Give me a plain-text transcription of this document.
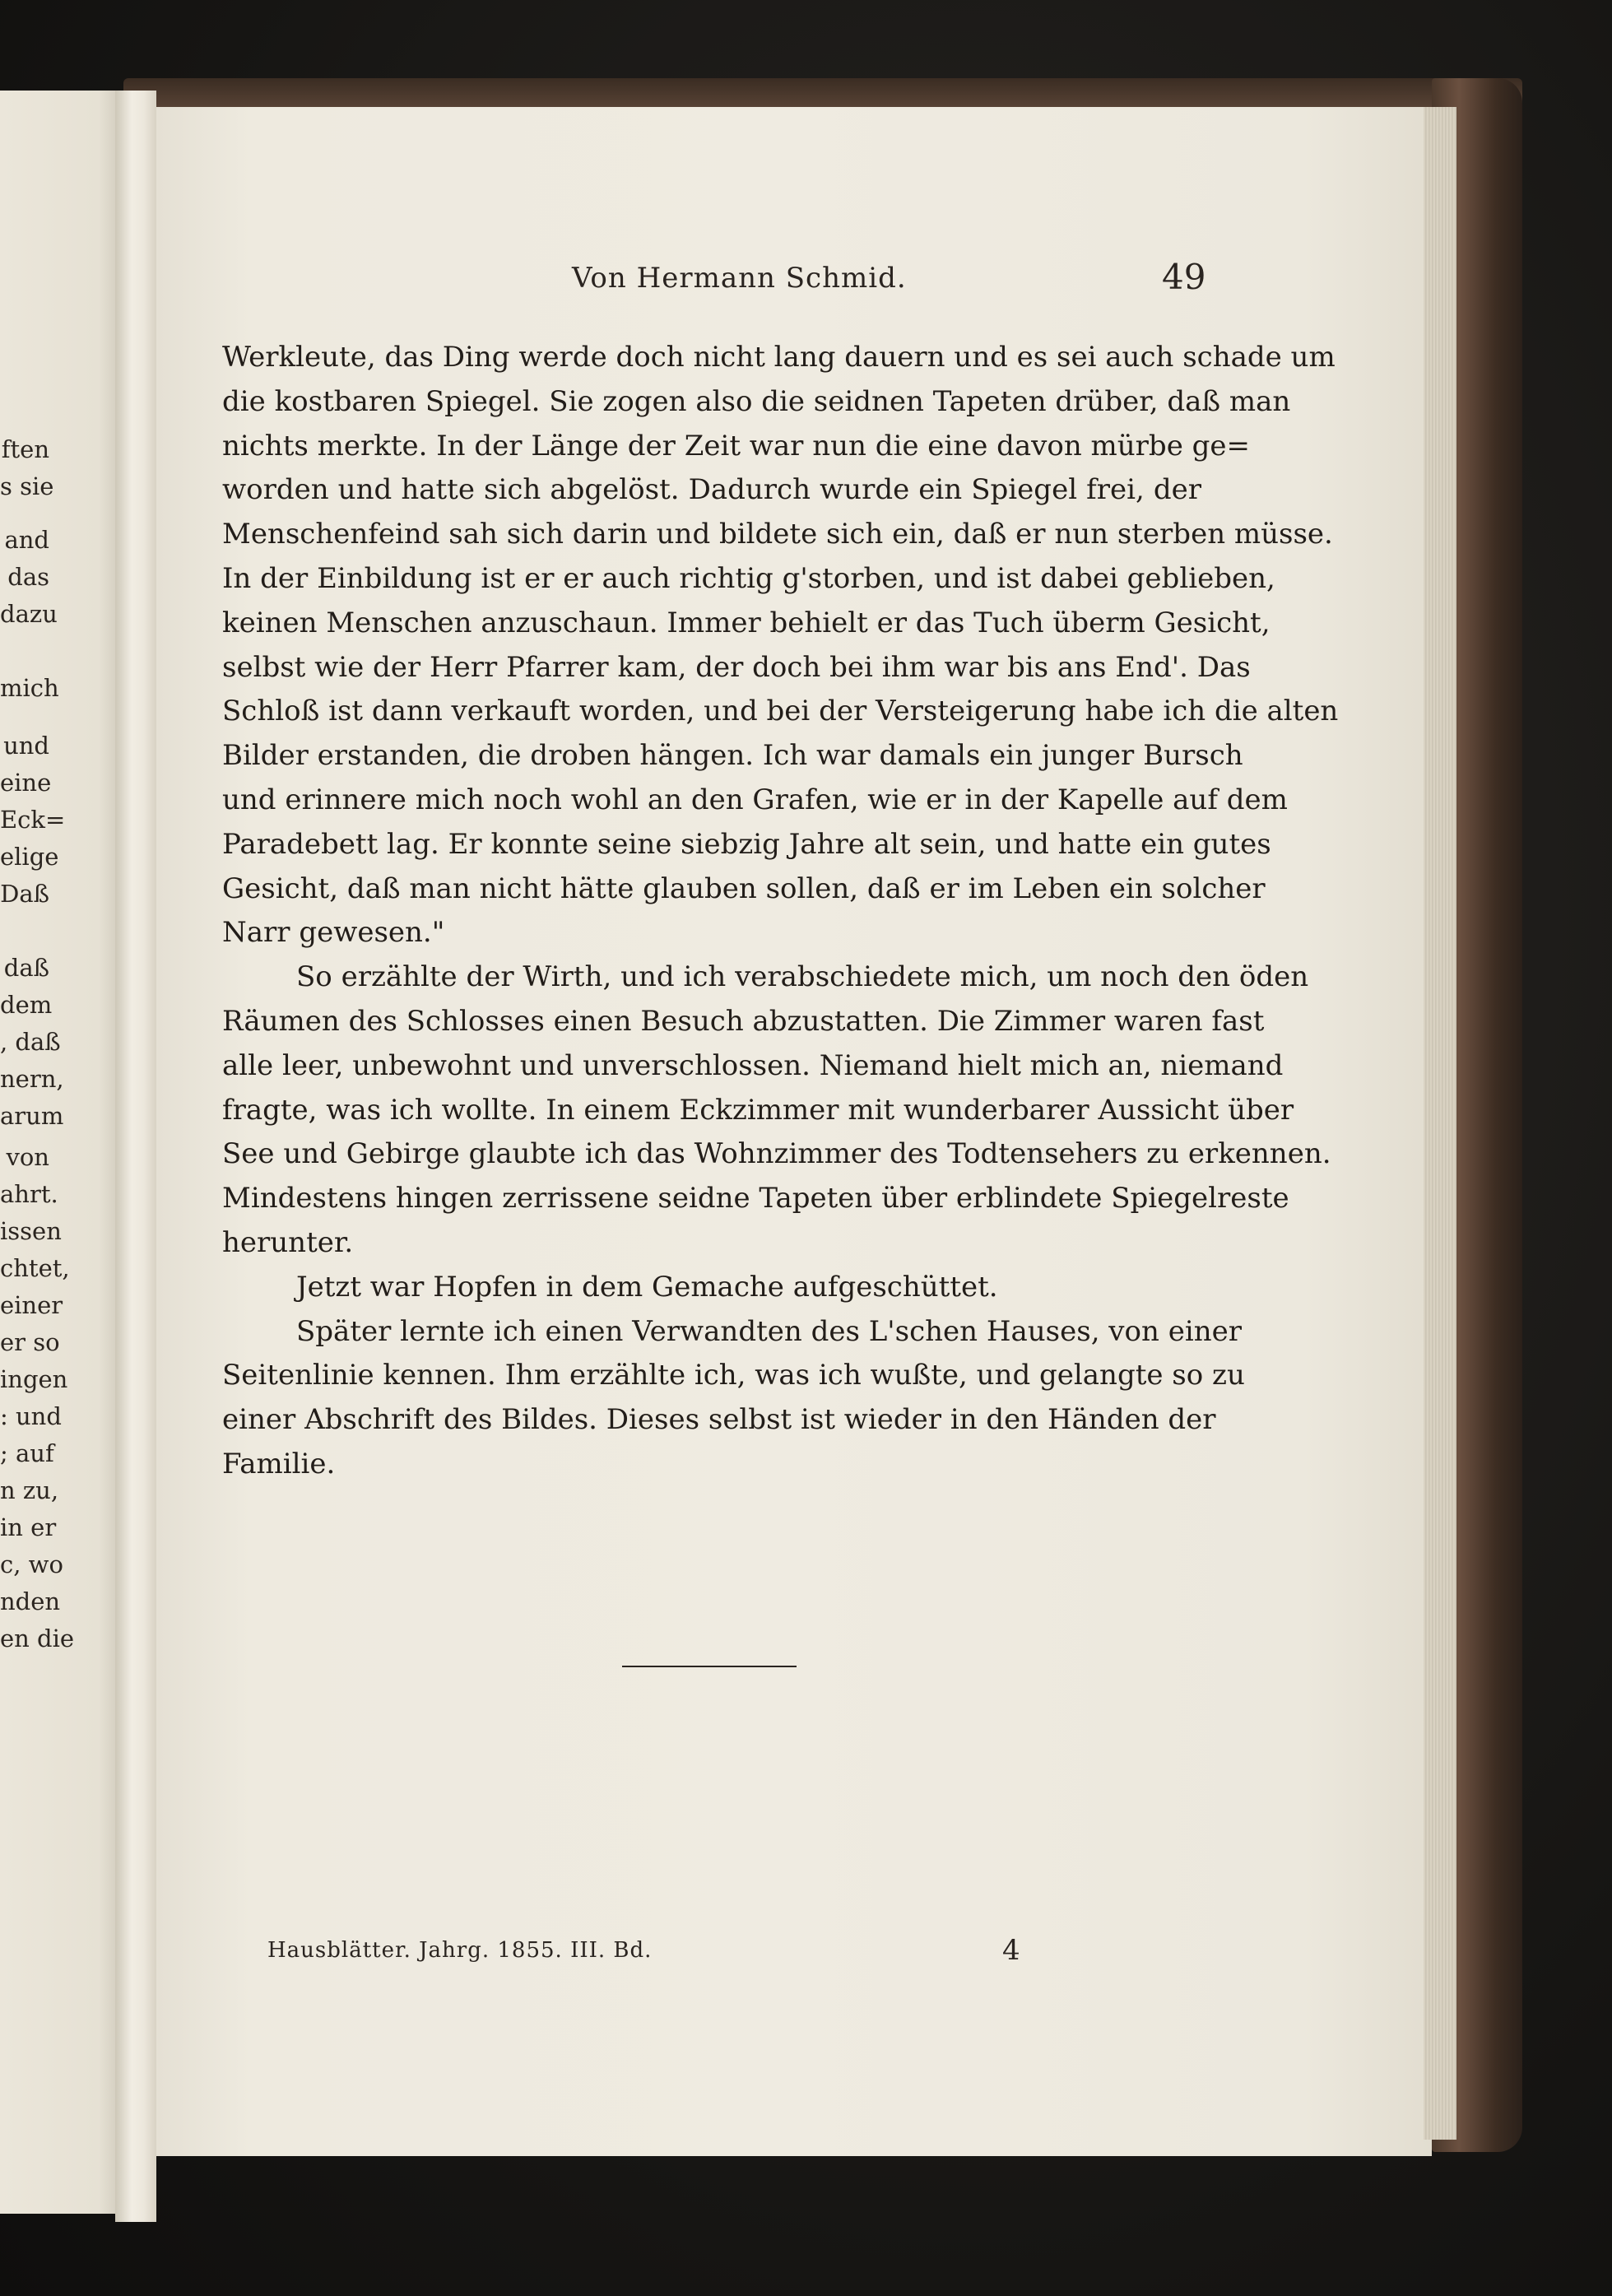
ften
s sie
and
das
dazu
mich
und
eine
Eck=
elige
Daß
daß
dem
, daß
nern,
arum
von
ahrt.
issen
chtet,
einer
er so
ingen
: und
; auf
n zu,
in er
c, wo
nden
en die
Von Hermann Schmid.	49
Werkleute, das Ding werde doch nicht lang dauern und es sei auch schade um
die kostbaren Spiegel. Sie zogen also die seidnen Tapeten drüber, daß man
nichts merkte. In der Länge der Zeit war nun die eine davon mürbe ge=
worden und hatte sich abgelöst. Dadurch wurde ein Spiegel frei, der
Menschenfeind sah sich darin und bildete sich ein, daß er nun sterben müsse.
In der Einbildung ist er er auch richtig g'storben, und ist dabei geblieben,
keinen Menschen anzuschaun. Immer behielt er das Tuch überm Gesicht,
selbst wie der Herr Pfarrer kam, der doch bei ihm war bis ans End'. Das
Schloß ist dann verkauft worden, und bei der Versteigerung habe ich die alten
Bilder erstanden, die droben hängen. Ich war damals ein junger Bursch
und erinnere mich noch wohl an den Grafen, wie er in der Kapelle auf dem
Paradebett lag. Er konnte seine siebzig Jahre alt sein, und hatte ein gutes
Gesicht, daß man nicht hätte glauben sollen, daß er im Leben ein solcher
Narr gewesen."
So erzählte der Wirth, und ich verabschiedete mich, um noch den öden
Räumen des Schlosses einen Besuch abzustatten. Die Zimmer waren fast
alle leer, unbewohnt und unverschlossen. Niemand hielt mich an, niemand
fragte, was ich wollte. In einem Eckzimmer mit wunderbarer Aussicht über
See und Gebirge glaubte ich das Wohnzimmer des Todtensehers zu erkennen.
Mindestens hingen zerrissene seidne Tapeten über erblindete Spiegelreste
herunter.
Jetzt war Hopfen in dem Gemache aufgeschüttet.
Später lernte ich einen Verwandten des L'schen Hauses, von einer
Seitenlinie kennen. Ihm erzählte ich, was ich wußte, und gelangte so zu
einer Abschrift des Bildes. Dieses selbst ist wieder in den Händen der
Familie.
Hausblätter. Jahrg. 1855. III. Bd.	4
